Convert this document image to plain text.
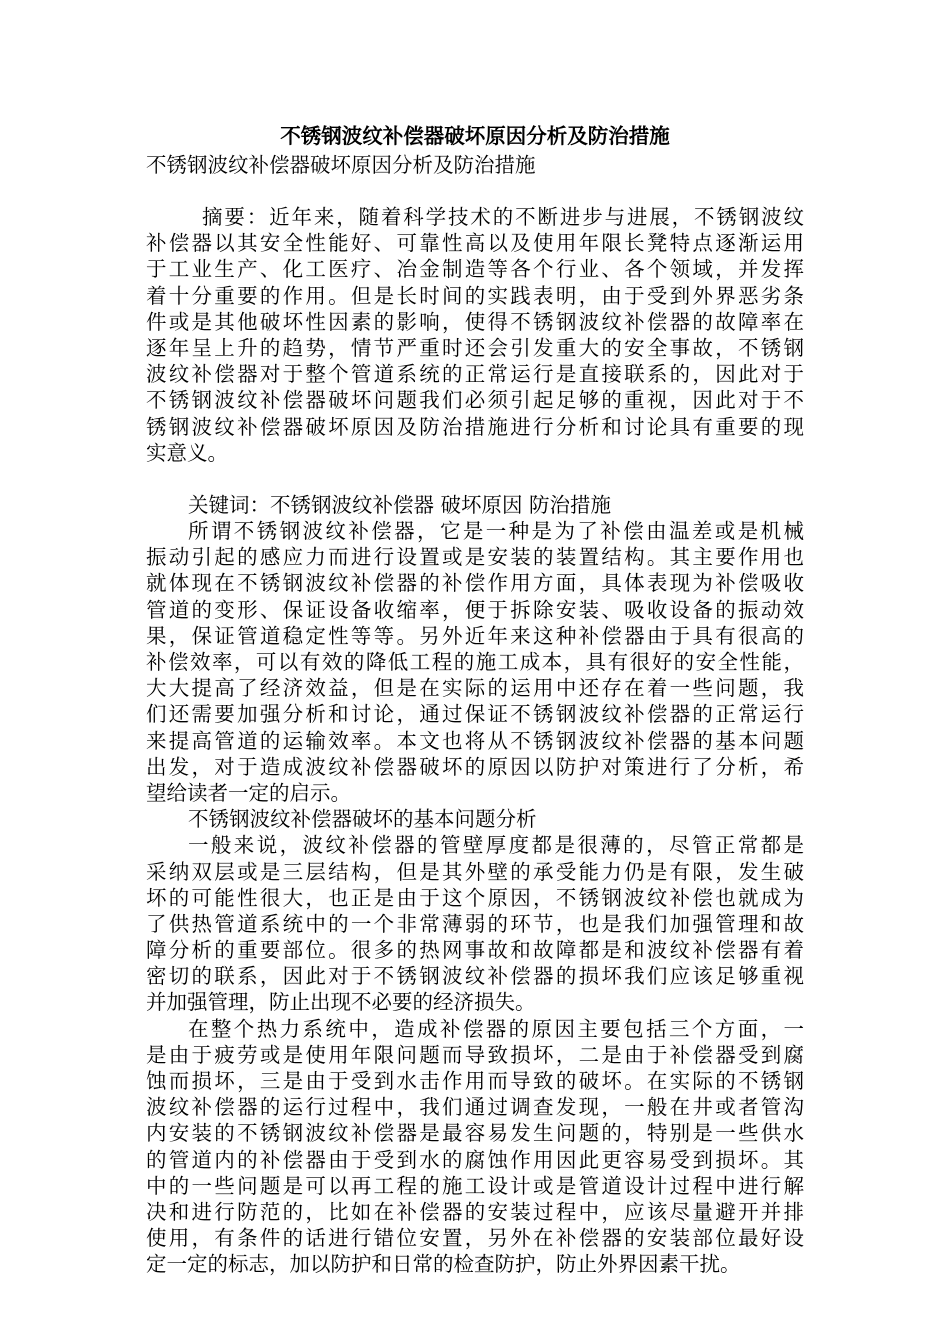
不锈钢波纹补偿器破坏原因分析及防治措施

不锈钢波纹补偿器破坏原因分析及防治措施

摘要：近年来，随着科学技术的不断进步与进展，不锈钢波纹
补偿器以其安全性能好、可靠性高以及使用年限长凳特点逐渐运用
于工业生产、化工医疗、冶金制造等各个行业、各个领域，并发挥
着十分重要的作用。但是长时间的实践表明，由于受到外界恶劣条
件或是其他破坏性因素的影响，使得不锈钢波纹补偿器的故障率在
逐年呈上升的趋势，情节严重时还会引发重大的安全事故，不锈钢
波纹补偿器对于整个管道系统的正常运行是直接联系的，因此对于
不锈钢波纹补偿器破坏问题我们必须引起足够的重视，因此对于不
锈钢波纹补偿器破坏原因及防治措施进行分析和讨论具有重要的现
实意义。
关键词：不锈钢波纹补偿器 破坏原因 防治措施
所谓不锈钢波纹补偿器，它是一种是为了补偿由温差或是机械
振动引起的感应力而进行设置或是安装的装置结构。其主要作用也
就体现在不锈钢波纹补偿器的补偿作用方面，具体表现为补偿吸收
管道的变形、保证设备收缩率，便于拆除安装、吸收设备的振动效
果，保证管道稳定性等等。另外近年来这种补偿器由于具有很高的
补偿效率，可以有效的降低工程的施工成本，具有很好的安全性能，
大大提高了经济效益，但是在实际的运用中还存在着一些问题，我
们还需要加强分析和讨论，通过保证不锈钢波纹补偿器的正常运行
来提高管道的运输效率。本文也将从不锈钢波纹补偿器的基本问题
出发，对于造成波纹补偿器破坏的原因以防护对策进行了分析，希
望给读者一定的启示。
不锈钢波纹补偿器破坏的基本问题分析
一般来说，波纹补偿器的管壁厚度都是很薄的，尽管正常都是
采纳双层或是三层结构，但是其外壁的承受能力仍是有限，发生破
坏的可能性很大，也正是由于这个原因，不锈钢波纹补偿也就成为
了供热管道系统中的一个非常薄弱的环节，也是我们加强管理和故
障分析的重要部位。很多的热网事故和故障都是和波纹补偿器有着
密切的联系，因此对于不锈钢波纹补偿器的损坏我们应该足够重视
并加强管理，防止出现不必要的经济损失。
在整个热力系统中，造成补偿器的原因主要包括三个方面，一
是由于疲劳或是使用年限问题而导致损坏，二是由于补偿器受到腐
蚀而损坏，三是由于受到水击作用而导致的破坏。在实际的不锈钢
波纹补偿器的运行过程中，我们通过调查发现，一般在井或者管沟
内安装的不锈钢波纹补偿器是最容易发生问题的，特别是一些供水
的管道内的补偿器由于受到水的腐蚀作用因此更容易受到损坏。其
中的一些问题是可以再工程的施工设计或是管道设计过程中进行解
决和进行防范的，比如在补偿器的安装过程中，应该尽量避开并排
使用，有条件的话进行错位安置，另外在补偿器的安装部位最好设
定一定的标志，加以防护和日常的检查防护，防止外界因素干扰。
